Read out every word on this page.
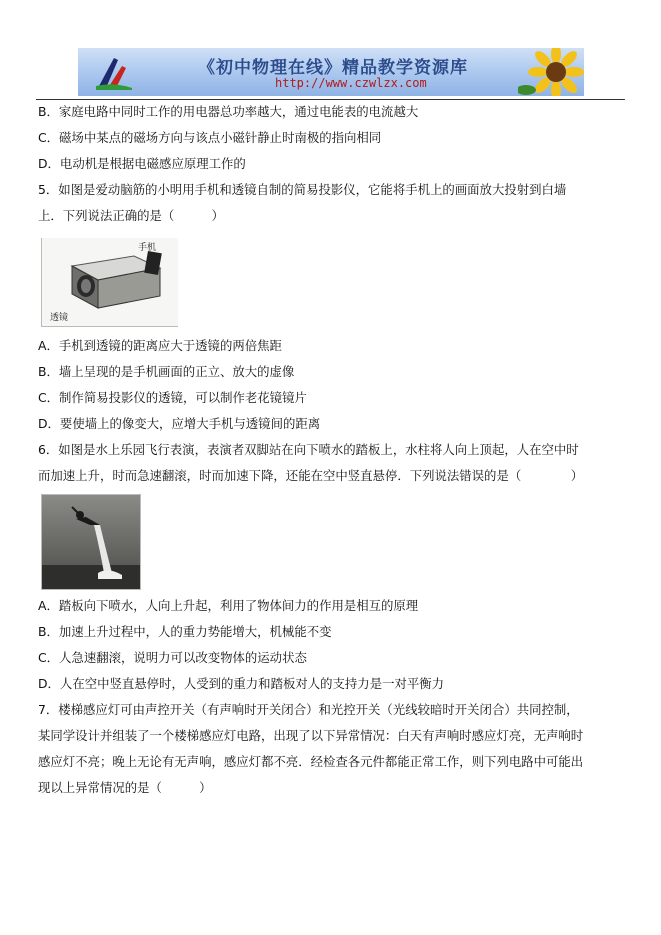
《初中物理在线》精品教学资源库
http://www.czwlzx.com
B．家庭电路中同时工作的用电器总功率越大，通过电能表的电流越大
C．磁场中某点的磁场方向与该点小磁针静止时南极的指向相同
D．电动机是根据电磁感应原理工作的
5．如图是爱动脑筋的小明用手机和透镜自制的简易投影仪，它能将手机上的画面放大投射到白墙
上．下列说法正确的是（　　　）
手机
透镜
A．手机到透镜的距离应大于透镜的两倍焦距
B．墙上呈现的是手机画面的正立、放大的虚像
C．制作简易投影仪的透镜，可以制作老花镜镜片
D．要使墙上的像变大，应增大手机与透镜间的距离
6．如图是水上乐园飞行表演，表演者双脚站在向下喷水的踏板上，水柱将人向上顶起，人在空中时
而加速上升，时而急速翻滚，时而加速下降，还能在空中竖直悬停．下列说法错误的是（　　　　）
A．踏板向下喷水，人向上升起，利用了物体间力的作用是相互的原理
B．加速上升过程中，人的重力势能增大，机械能不变
C．人急速翻滚，说明力可以改变物体的运动状态
D．人在空中竖直悬停时，人受到的重力和踏板对人的支持力是一对平衡力
7．楼梯感应灯可由声控开关（有声响时开关闭合）和光控开关（光线较暗时开关闭合）共同控制，
某同学设计并组装了一个楼梯感应灯电路，出现了以下异常情况：白天有声响时感应灯亮，无声响时
感应灯不亮；晚上无论有无声响，感应灯都不亮．经检查各元件都能正常工作，则下列电路中可能出
现以上异常情况的是（　　　）
